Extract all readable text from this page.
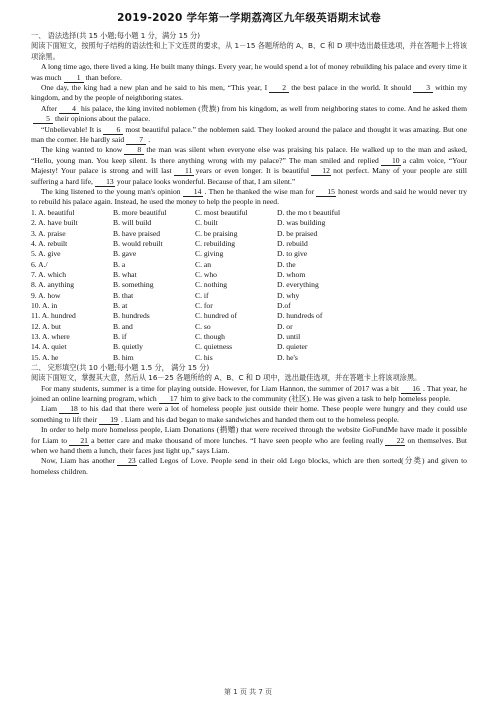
2019-2020 学年第一学期荔湾区九年级英语期末试卷

一、 语法选择(共 15 小题;每小题 1 分，满分 15 分)

阅读下面短文，按照句子结构的语法性和上下文连贯的要求，从 1－15 各题所给的 A、B、C 和 D 项中选出最佳选项，并在答题卡上将该项涂黑。

A long time ago, there lived a king. He built many things. Every year, he would spend a lot of money rebuilding his palace and every time it was much 1 than before.

One day, the king had a new plan and he said to his men, “This year, I 2 the best palace in the world. It should 3 within my kingdom, and by the people of neighboring states.

After 4 his palace, the king invited noblemen (贵族) from his kingdom, as well from neighboring states to come. And he asked them5 their opinions about the palace.

“Unbelievable! It is 6 most beautiful palace.” the noblemen said. They looked around the palace and thought it was amazing. But one man the corner. He hardly said 7 .

The king wanted to know 8 the man was silent when everyone else was praising his palace. He walked up to the man and asked, “Hello, young man. You keep silent. Is there anything wrong with my palace?” The man smiled and replied 10 a calm voice, “Your Majesty! Your palace is strong and will last 11 years or even longer. It is beautiful 12 not perfect. Many of your people are still suffering a hard life, 13 your palace looks wonderful. Because of that, I am silent.”

The king listened to the young man's opinion 14 . Then he thanked the wise man for 15 honest words and said he would never try to rebuild his palace again. Instead, he used the money to help the people in need.

1. A. beautiful	B. more beautiful	C. most beautiful	D. the mo t beautiful
2. A. have built	B. will build	C. built	D. was building
3. A. praise	B. have praised	C. be praising	D. be praised
4. A. rebuilt	B. would rebuilt	C. rebuilding	D. rebuild
5. A. give	B. gave	C. giving	D. to give
6. A./	B. a	C. an	D. the
7. A. which	B. what	C. who	D. whom
8. A. anything	B. something	C. nothing	D. everything
9. A. how	B. that	C. if	D. why
10. A. in	B. at	C. for	D.of
11. A. hundred	B. hundreds	C. hundred of	D. hundreds of
12. A. but	B. and	C. so	D. or
13. A. where	B. if	C. though	D. until
14. A. quiet	B. quietly	C. quietness	D. quieter
15. A. he	B. him	C. his	D. he's

二、 完形填空(共 10 小题;每小题 1.5 分， 满分 15 分)

阅读下面短文，掌握其大意，然后从 16－25 各题所给的 A、B、C 和 D 项中，选出最佳选项，并在答题卡上将该项涂黑。

For many students, summer is a time for playing outside. However, for Liam Hannon, the summer of 2017 was a bit 16 . That year, he joined an online learning program, which 17 him to give back to the community (社区). He was given a task to help homeless people.

Liam 18 to his dad that there were a lot of homeless people just outside their home. These people were hungry and they could use something to lift their 19 . Liam and his dad began to make sandwiches and handed them out to the homeless people.

In order to help more homeless people, Liam Donations (捐赠) that were received through the website GoFundMe have made it possible for Liam to 21 a better care and make thousand of more lunches. “I have seen people who are feeling really 22 on themselves. But when we hand them a lunch, their faces just light up,” says Liam.

Now, Liam has another 23 called Legos of Love. People send in their old Lego blocks, which are then sorted(分类) and given to homeless children.

第 1 页 共 7 页
